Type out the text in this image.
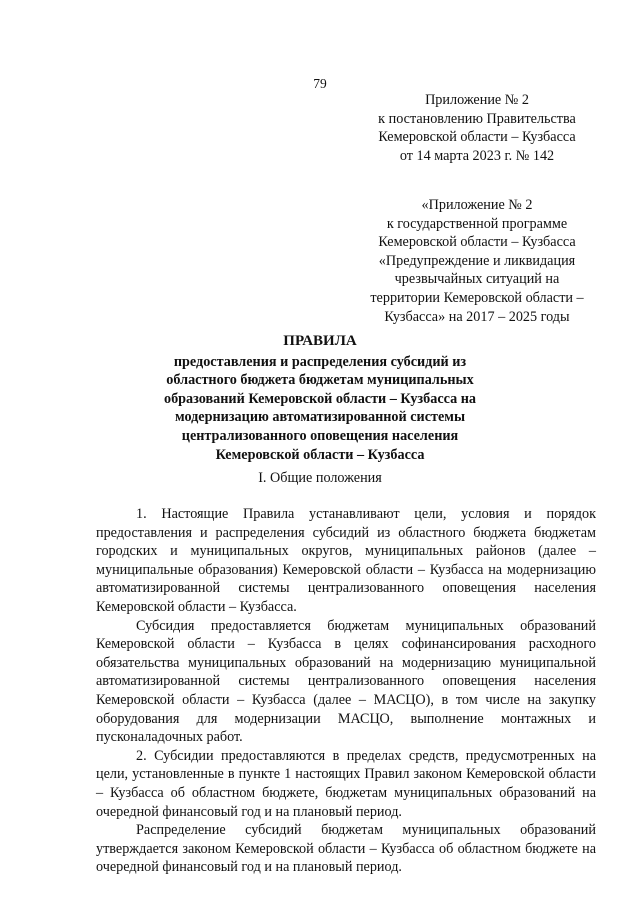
79
Приложение № 2
к постановлению Правительства
Кемеровской области – Кузбасса
от 14 марта 2023 г. № 142
«Приложение № 2
к государственной программе
Кемеровской области – Кузбасса
«Предупреждение и ликвидация
чрезвычайных ситуаций на
территории Кемеровской области –
Кузбасса» на 2017 – 2025 годы
ПРАВИЛА
предоставления и распределения субсидий из
областного бюджета бюджетам муниципальных
образований Кемеровской области – Кузбасса на
модернизацию автоматизированной системы
централизованного оповещения населения
Кемеровской области – Кузбасса
I. Общие положения

1. Настоящие Правила устанавливают цели, условия и порядок предоставления и распределения субсидий из областного бюджета бюджетам городских и муниципальных округов, муниципальных районов (далее – муниципальные образования) Кемеровской области – Кузбасса на модернизацию автоматизированной системы централизованного оповещения населения Кемеровской области – Кузбасса.

Субсидия предоставляется бюджетам муниципальных образований Кемеровской области – Кузбасса в целях софинансирования расходного обязательства муниципальных образований на модернизацию муниципальной автоматизированной системы централизованного оповещения населения Кемеровской области – Кузбасса (далее – МАСЦО), в том числе на закупку оборудования для модернизации МАСЦО, выполнение монтажных и пусконаладочных работ.

2. Субсидии предоставляются в пределах средств, предусмотренных на цели, установленные в пункте 1 настоящих Правил законом Кемеровской области – Кузбасса об областном бюджете, бюджетам муниципальных образований на очередной финансовый год и на плановый период.

Распределение субсидий бюджетам муниципальных образований утверждается законом Кемеровской области – Кузбасса об областном бюджете на очередной финансовый год и на плановый период.
